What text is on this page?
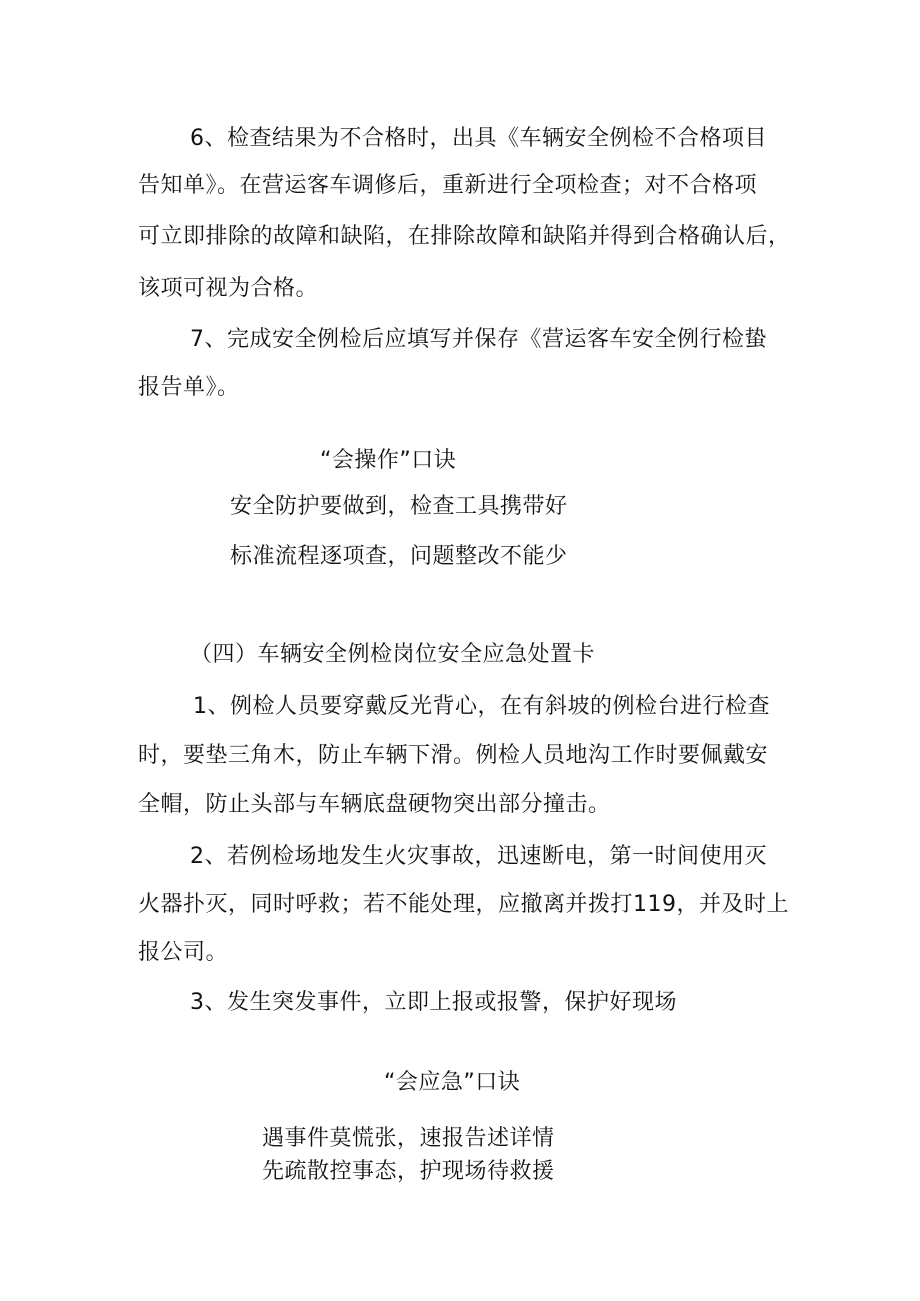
6、检查结果为不合格时，出具《车辆安全例检不合格项目
告知单》。在营运客车调修后，重新进行全项检查；对不合格项
可立即排除的故障和缺陷，在排除故障和缺陷并得到合格确认后，
该项可视为合格。
7、完成安全例检后应填写并保存《营运客车安全例行检蛰
报告单》。
“会操作”口诀
安全防护要做到，检查工具携带好
标准流程逐项查，问题整改不能少
（四）车辆安全例检岗位安全应急处置卡
1、例检人员要穿戴反光背心，在有斜坡的例检台进行检查
时，要垫三角木，防止车辆下滑。例检人员地沟工作时要佩戴安
全帽，防止头部与车辆底盘硬物突出部分撞击。
2、若例检场地发生火灾事故，迅速断电，第一时间使用灭
火器扑灭，同时呼救；若不能处理，应撤离并拨打119，并及时上
报公司。
3、发生突发事件，立即上报或报警，保护好现场
“会应急”口诀
遇事件莫慌张，速报告述详情
先疏散控事态，护现场待救援
